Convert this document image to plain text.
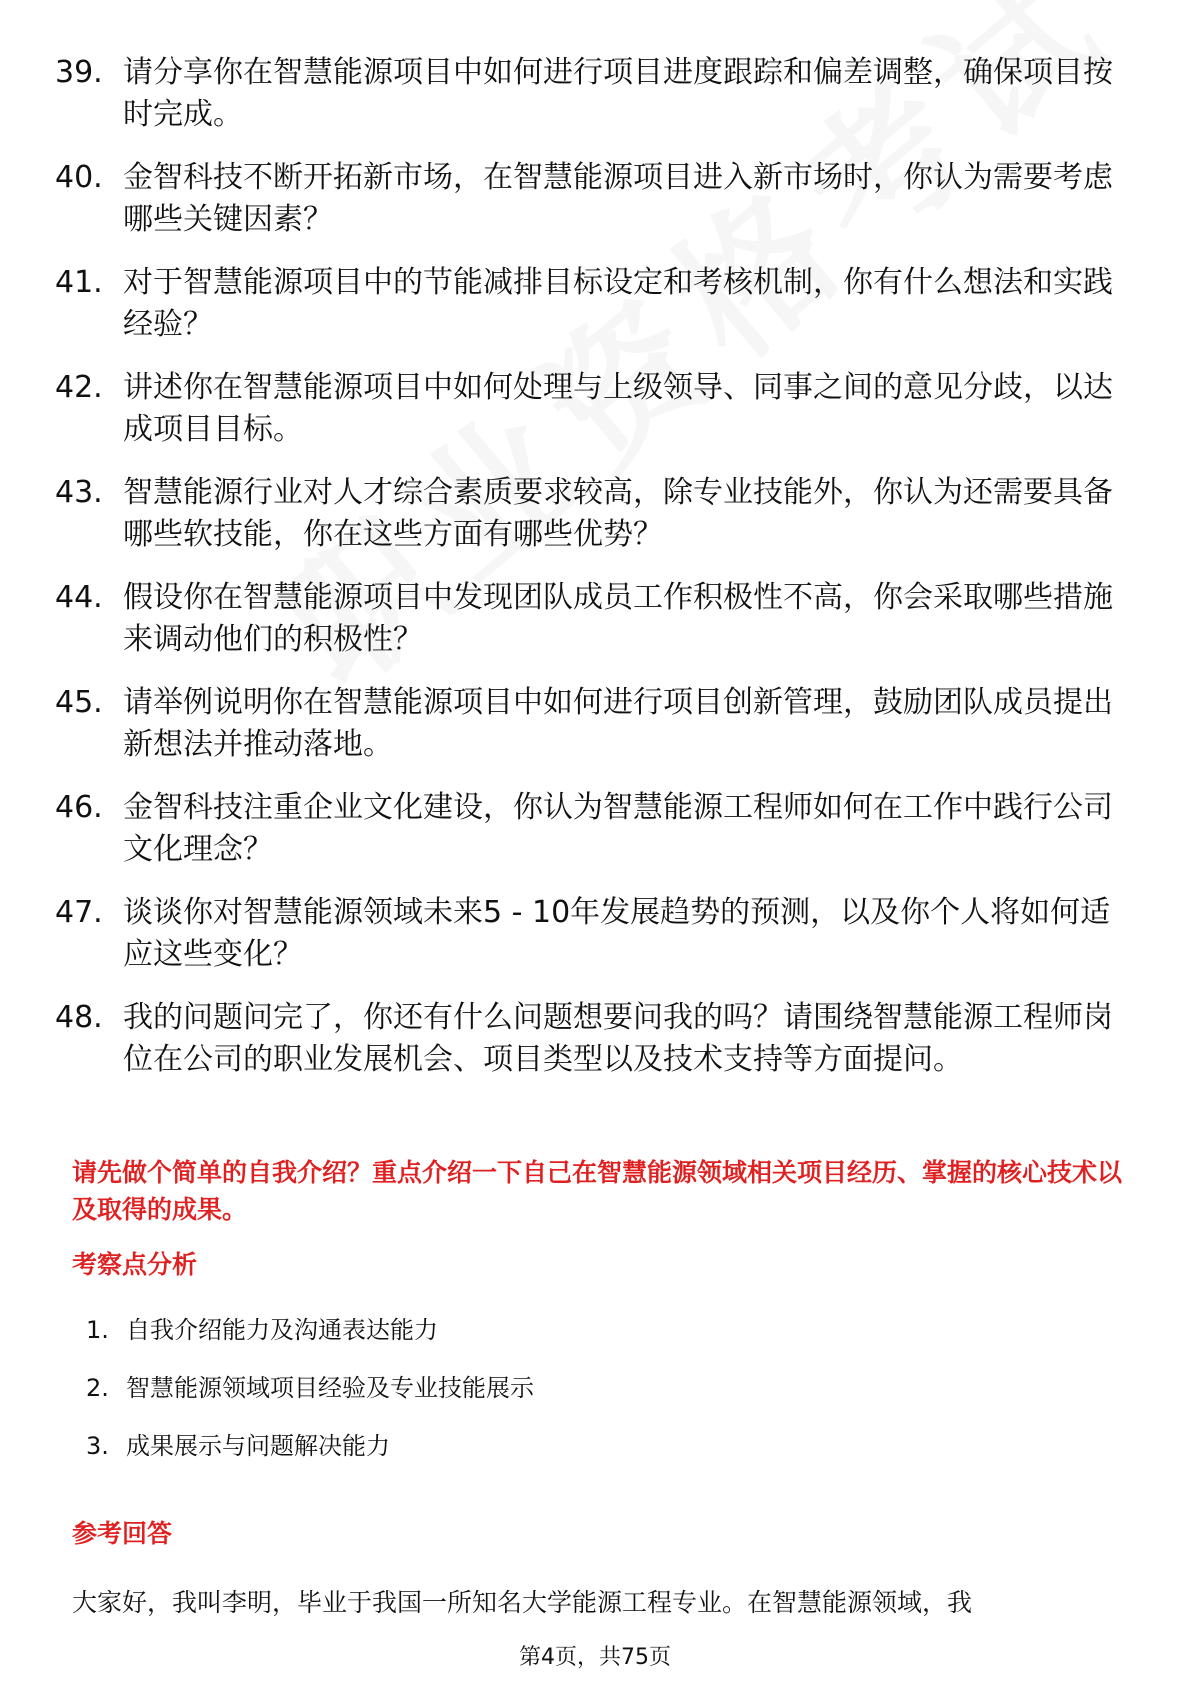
39. 请分享你在智慧能源项目中如何进行项目进度跟踪和偏差调整，确保项目按时完成。
40. 金智科技不断开拓新市场，在智慧能源项目进入新市场时，你认为需要考虑哪些关键因素？
41. 对于智慧能源项目中的节能减排目标设定和考核机制，你有什么想法和实践经验？
42. 讲述你在智慧能源项目中如何处理与上级领导、同事之间的意见分歧，以达成项目目标。
43. 智慧能源行业对人才综合素质要求较高，除专业技能外，你认为还需要具备哪些软技能，你在这些方面有哪些优势？
44. 假设你在智慧能源项目中发现团队成员工作积极性不高，你会采取哪些措施来调动他们的积极性？
45. 请举例说明你在智慧能源项目中如何进行项目创新管理，鼓励团队成员提出新想法并推动落地。
46. 金智科技注重企业文化建设，你认为智慧能源工程师如何在工作中践行公司文化理念？
47. 谈谈你对智慧能源领域未来5 - 10年发展趋势的预测，以及你个人将如何适应这些变化？
48. 我的问题问完了，你还有什么问题想要问我的吗？请围绕智慧能源工程师岗位在公司的职业发展机会、项目类型以及技术支持等方面提问。
请先做个简单的自我介绍？重点介绍一下自己在智慧能源领域相关项目经历、掌握的核心技术以及取得的成果。
考察点分析
1. 自我介绍能力及沟通表达能力
2. 智慧能源领域项目经验及专业技能展示
3. 成果展示与问题解决能力
参考回答
大家好，我叫李明，毕业于我国一所知名大学能源工程专业。在智慧能源领域，我
第4页，共75页
